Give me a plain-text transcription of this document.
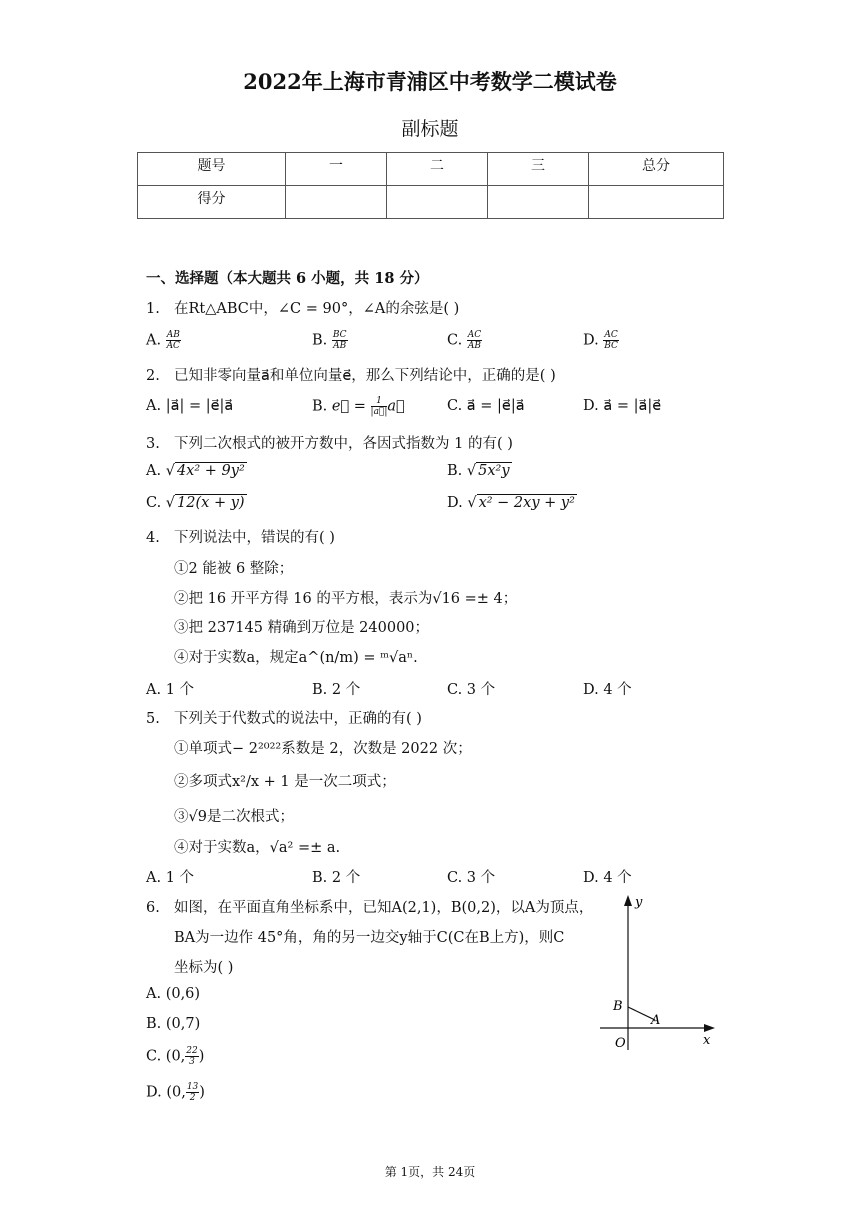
2022年上海市青浦区中考数学二模试卷
副标题
题号	一	二	三	总分
得分				
一、选择题（本大题共 6 小题，共 18 分）
1. 在Rt△ABC中，∠C = 90°，∠A的余弦是( )
A. $\frac{AB}{AC}$	B. $\frac{BC}{AB}$	C. $\frac{AC}{AB}$	D. $\frac{AC}{BC}$
2. 已知非零向量a⃗和单位向量e⃗，那么下列结论中，正确的是( )
A. |a⃗| = |e⃗|a⃗	B. e⃗ = $\frac{1}{|a⃗|}$ a⃗	C. a⃗ = |e⃗|a⃗	D. a⃗ = |a⃗|e⃗
3. 下列二次根式的被开方数中，各因式指数为 1 的有( )
A. √ 4x² + 9y²	B. √ 5x²y
C. √ 12(x + y)	D. √ x² − 2xy + y²
4. 下列说法中，错误的有( )
①2 能被 6 整除；
②把 16 开平方得 16 的平方根，表示为√16 =± 4；
③把 237145 精确到万位是 240000；
④对于实数a，规定a^(n/m) = ᵐ√aⁿ.
A. 1 个	B. 2 个	C. 3 个	D. 4 个
5. 下列关于代数式的说法中，正确的有( )
①单项式− 2²⁰²²系数是 2，次数是 2022 次；
②多项式x²/x + 1 是一次二项式；
③√9是二次根式；
④对于实数a，√a² =± a.
A. 1 个	B. 2 个	C. 3 个	D. 4 个
6. 如图，在平面直角坐标系中，已知A(2,1)，B(0,2)，以A为顶点，
BA为一边作 45°角，角的另一边交y轴于C(C在B上方)，则C
坐标为( )
A. (0,6)
B. (0,7)
C. (0, $\frac{22}{3}$ )
D. (0, $\frac{13}{2}$ )
y
x
O
B
A
第 1页，共 24页
